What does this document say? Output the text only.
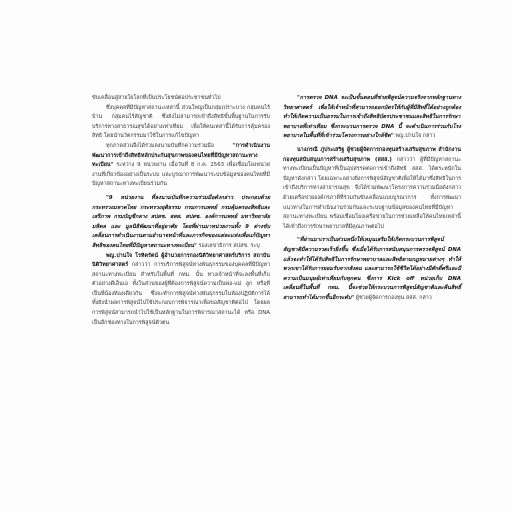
ขับเคลื่อนสู่สายใยโลกที่เป็นประโยชน์ต่อประชาชนทั่วไป

ซึ่งบุคคลที่มีปัญหาสถานะเหล่านี้ ส่วนใหญ่เป็นกลุ่มเปราะบาง กลุ่มคนไร้บ้าน กลุ่มคนไร้สัญชาติ ซึ่งยังไม่สามารถเข้าถึงสิทธิขั้นพื้นฐานในการรับบริการทางสาธารณสุขได้อย่างเท่าเทียม เพื่อให้คนเหล่านี้ได้รับการคุ้มครองสิทธิ โดยนำนวัตกรรมมาใช้ในการแก้ไขปัญหา

ทุกภาคส่วนจึงได้ร่วมลงนามบันทึกความร่วมมือ "การดำเนินงานพัฒนาการเข้าถึงสิทธิหลักประกันสุขภาพของคนไทยที่มีปัญหาสถานะทางทะเบียน" ระหว่าง 9 หน่วยงาน เมื่อวันที่ 8 ก.ค. 2563 เพื่อเชื่อมโยงหน่วยงานที่เกี่ยวข้องอย่างเป็นระบบ และบูรณาการพัฒนาระบบข้อมูลของคนไทยที่มีปัญหาสถานะทางทะเบียนร่วมกัน

"9 หน่วยงาน ที่ลงนามบันทึกความร่วมมือดังกล่าว ประกอบด้วย กระทรวงมหาดไทย กระทรวงยุติธรรม กรมการแพทย์ กรมคุ้มครองสิทธิและเสรีภาพ กรมบัญชีกลาง สปสช. สสส. สปสช. องค์การแพทย์ มหาวิทยาลัยมหิดล และ มูลนิธิพัฒนาที่อยู่อาศัย โดยที่ผ่านมาหน่วยงานทั้ง 9 ต่างขับเคลื่อนการดำเนินงานตามอำนาจหน้าที่และภารกิจของแต่ละแห่งเพื่อแก้ปัญหาสิทธิของคนไทยที่มีปัญหาสถานะทางทะเบียน" รองเลขาธิการ สปสช. ระบุ

พญ.ปานใจ โรหิตรัตน์ ผู้อำนวยการกองนิติวิทยาศาสตร์บริการ สถาบันนิติวิทยาศาสตร์ กล่าวว่า การบริการพิสูจน์ทางพันธุกรรมของบุคคลที่มีปัญหาสถานะทางทะเบียน สำหรับในพื้นที่ กทม. นั้น ทางเจ้าหน้าที่จะลงพื้นที่เก็บตัวอย่างดีเอ็นเอ ทั้งในส่วนของผู้ที่ต้องการพิสูจน์ความเป็นพ่อ-แม่ ลูก หรือที่เป็นพี่น้องท้องเดียวกัน ซึ่งจะทำการพิสูจน์ทางพันธุกรรมในห้องปฏิบัติการได้ ทั้งยังนำผลการพิสูจน์ไปใช้ประกอบการพิจารณาเพื่อขอสัญชาติต่อไป โดยผลการพิสูจน์สามารถนำไปใช้เป็นหลักฐานในการพิจารณาสถานะได้ หรือ DNA เป็นอีกช่องทางในการพิสูจน์ตัวตน

"การตรวจ DNA จะเป็นขั้นตอนที่ช่วยพิสูจน์ความจริงจากหลักฐานทางวิทยาศาสตร์ เพื่อให้เจ้าหน้าที่สามารถออกบัตรให้กับผู้ที่มีสิทธิ์ได้อย่างถูกต้อง ทำให้เกิดความเป็นธรรมในการเข้าถึงสิทธิบัตรประชาชนและสิทธิในการรักษาพยาบาลที่เท่าเทียม ซึ่งกระบวนการตรวจ DNA นี้ จะดำเนินการร่วมกับโรงพยาบาลในพื้นที่ที่เข้าร่วมโครงการอย่างใกล้ชิด" พญ.ปานใจ กล่าว

นางภรณี ภู่ประเสริฐ ผู้ช่วยผู้จัดการกองทุนสร้างเสริมสุขภาพ สำนักงานกองทุนสนับสนุนการสร้างเสริมสุขภาพ (สสส.) กล่าวว่า ผู้ที่มีปัญหาสถานะทางทะเบียนเป็นปัญหาที่เป็นอุปสรรคต่อการเข้าถึงสิทธิ สสส. ได้ตระหนักในปัญหาดังกล่าว โดยเฉพาะอย่างยิ่งการพิสูจน์สัญชาติเพื่อให้ได้มาซึ่งสิทธิในการเข้าถึงบริการทางสาธารณสุข จึงได้ร่วมพัฒนาโครงการความร่วมมือดังกล่าว ด้วยเครือข่ายองค์กรภาคีที่ร่วมกันขับเคลื่อนแบบบูรณาการ ทั้งการพัฒนาแนวทางในการดำเนินงานร่วมกันและระบบฐานข้อมูลของคนไทยที่มีปัญหาสถานะทางทะเบียน พร้อมเชื่อมโยงเครือข่ายในการช่วยเหลือให้คนไทยเหล่านี้ได้เข้าถึงการรักษาพยาบาลที่มีคุณภาพต่อไป

"ที่ผ่านมาเราเป็นส่วนหนึ่งให้เหมุนเสริมให้เกิดกระบวนการพิสูจน์สัญชาติมีความรวดเร็วยิ่งขึ้น ซึ่งเมื่อได้รับการสนับสนุนการตรวจพิสูจน์ DNA แล้วจะทำให้ได้รับสิทธิในการรักษาพยาบาลและสิทธิตามกฎหมายต่างๆ ทำให้พวกเขาได้รับการยอมรับจากสังคม และสามารถใช้ชีวิตได้อย่างมีศักดิ์ศรีและมีความเป็นมนุษย์เท่าเทียมกับทุกคน ซึ่งการ Kick off หน่วยเก็บ DNA เคลื่อนที่ในพื้นที่ กทม. นี้จะช่วยให้กระบวนการพิสูจน์สัญชาติและคืนสิทธิ์สามารถทำได้มากขึ้นอีกระดับ" ผู้ช่วยผู้จัดการกองทุน สสส. กล่าว
